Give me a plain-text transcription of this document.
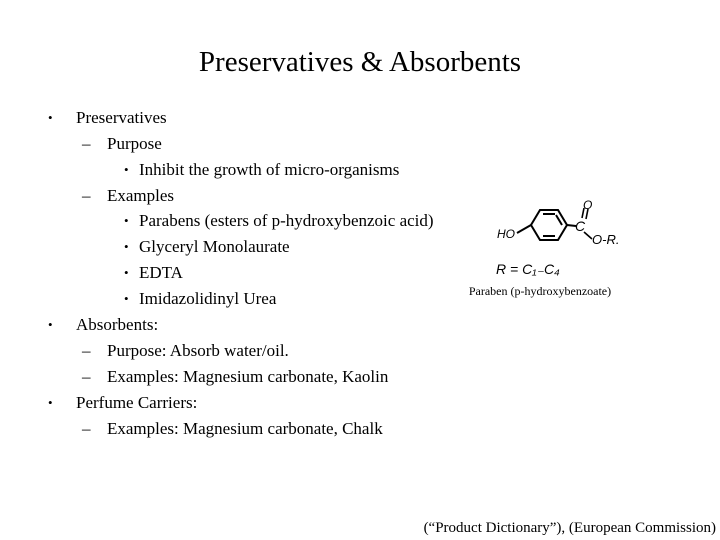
Preservatives & Absorbents
• Preservatives
– Purpose
• Inhibit the growth of micro-organisms
– Examples
• Parabens (esters of p-hydroxybenzoic acid)
• Glyceryl Monolaurate
• EDTA
• Imidazolidinyl Urea
• Absorbents:
– Purpose: Absorb water/oil.
– Examples: Magnesium carbonate, Kaolin
• Perfume Carriers:
– Examples: Magnesium carbonate, Chalk
HO	C
O
O-R.
R = C₁₋C₄
Paraben (p-hydroxybenzoate)
(“Product Dictionary”), (European Commission)
